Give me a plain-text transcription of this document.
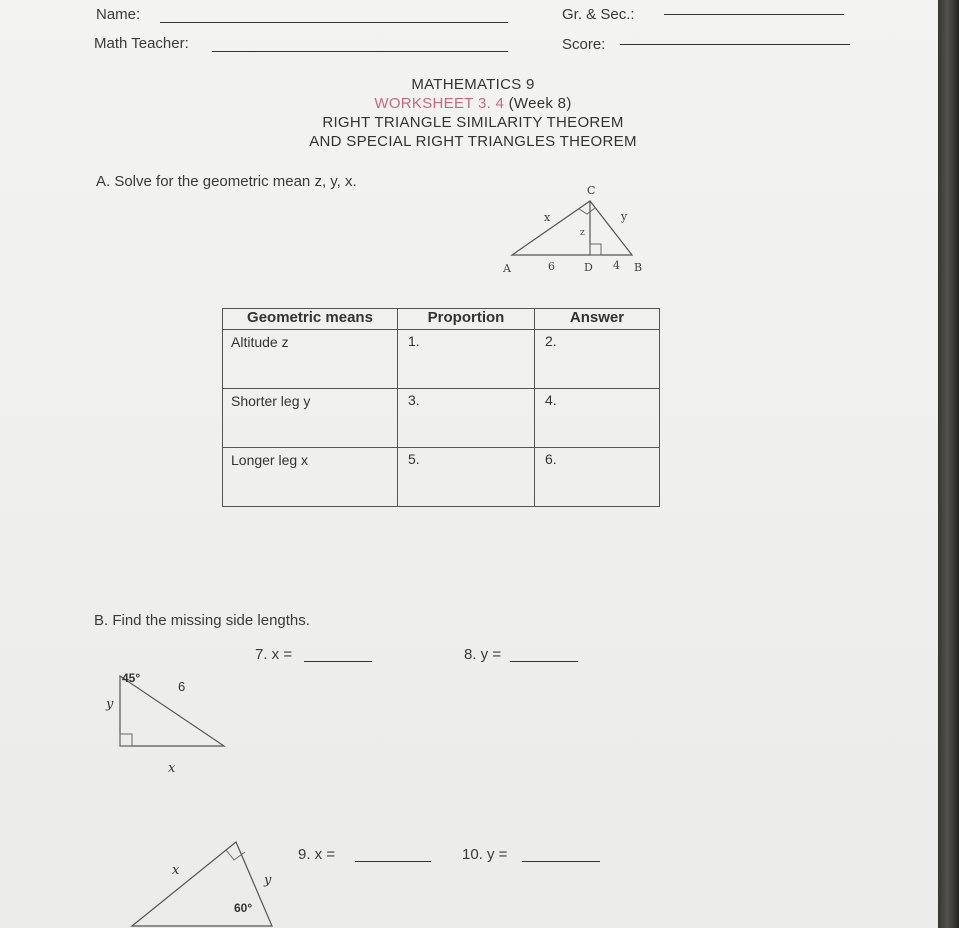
Name:	Gr. & Sec.:
Math Teacher:	Score:
MATHEMATICS 9
WORKSHEET 3. 4 (Week 8)
RIGHT TRIANGLE SIMILARITY THEOREM
AND SPECIAL RIGHT TRIANGLES THEOREM
A. Solve for the geometric mean z, y, x.
C
x	y
z
A	6	D 4 B
Geometric means	Proportion	Answer

Altitude z	1.	2.

Shorter leg y	3.	4.

Longer leg x	5.	6.
B. Find the missing side lengths.
7. x =	8. y =
45°
6
y
x
9. x =	10. y =
x
y
60°
